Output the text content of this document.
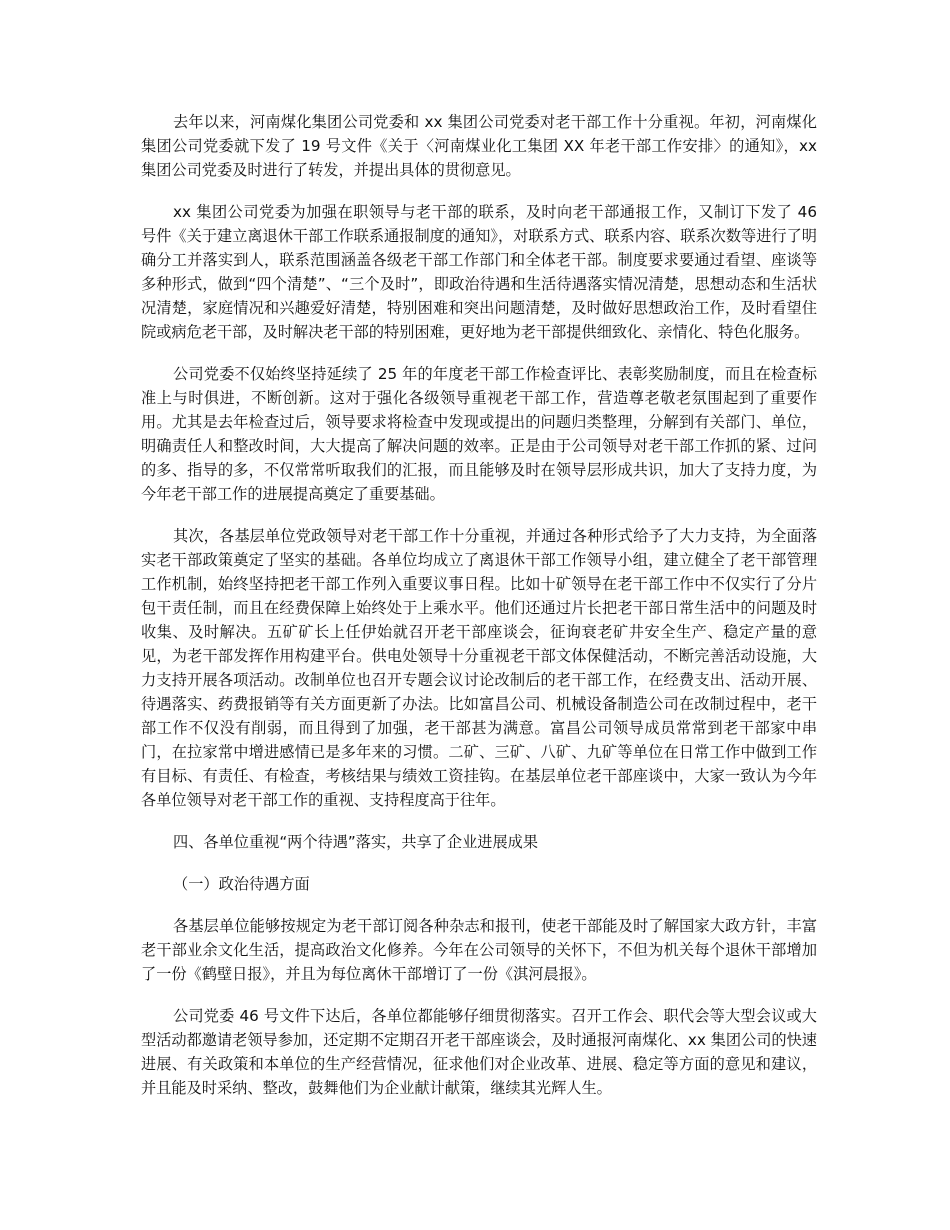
去年以来，河南煤化集团公司党委和 xx 集团公司党委对老干部工作十分重视。年初，河南煤化集团公司党委就下发了 19 号文件《关于〈河南煤业化工集团 XX 年老干部工作安排〉的通知》，xx 集团公司党委及时进行了转发，并提出具体的贯彻意见。

xx 集团公司党委为加强在职领导与老干部的联系，及时向老干部通报工作，又制订下发了 46 号件《关于建立离退休干部工作联系通报制度的通知》，对联系方式、联系内容、联系次数等进行了明确分工并落实到人，联系范围涵盖各级老干部工作部门和全体老干部。制度要求要通过看望、座谈等多种形式，做到“四个清楚”、“三个及时”，即政治待遇和生活待遇落实情况清楚，思想动态和生活状况清楚，家庭情况和兴趣爱好清楚，特别困难和突出问题清楚，及时做好思想政治工作，及时看望住院或病危老干部，及时解决老干部的特别困难，更好地为老干部提供细致化、亲情化、特色化服务。

公司党委不仅始终坚持延续了 25 年的年度老干部工作检查评比、表彰奖励制度，而且在检查标准上与时俱进，不断创新。这对于强化各级领导重视老干部工作，营造尊老敬老氛围起到了重要作用。尤其是去年检查过后，领导要求将检查中发现或提出的问题归类整理，分解到有关部门、单位，明确责任人和整改时间，大大提高了解决问题的效率。正是由于公司领导对老干部工作抓的紧、过问的多、指导的多，不仅常常听取我们的汇报，而且能够及时在领导层形成共识，加大了支持力度，为今年老干部工作的进展提高奠定了重要基础。

其次，各基层单位党政领导对老干部工作十分重视，并通过各种形式给予了大力支持，为全面落实老干部政策奠定了坚实的基础。各单位均成立了离退休干部工作领导小组，建立健全了老干部管理工作机制，始终坚持把老干部工作列入重要议事日程。比如十矿领导在老干部工作中不仅实行了分片包干责任制，而且在经费保障上始终处于上乘水平。他们还通过片长把老干部日常生活中的问题及时收集、及时解决。五矿矿长上任伊始就召开老干部座谈会，征询衰老矿井安全生产、稳定产量的意见，为老干部发挥作用构建平台。供电处领导十分重视老干部文体保健活动，不断完善活动设施，大力支持开展各项活动。改制单位也召开专题会议讨论改制后的老干部工作，在经费支出、活动开展、待遇落实、药费报销等有关方面更新了办法。比如富昌公司、机械设备制造公司在改制过程中，老干部工作不仅没有削弱，而且得到了加强，老干部甚为满意。富昌公司领导成员常常到老干部家中串门，在拉家常中增进感情已是多年来的习惯。二矿、三矿、八矿、九矿等单位在日常工作中做到工作有目标、有责任、有检查，考核结果与绩效工资挂钩。在基层单位老干部座谈中，大家一致认为今年各单位领导对老干部工作的重视、支持程度高于往年。

四、各单位重视“两个待遇”落实，共享了企业进展成果

（一）政治待遇方面

各基层单位能够按规定为老干部订阅各种杂志和报刊，使老干部能及时了解国家大政方针，丰富老干部业余文化生活，提高政治文化修养。今年在公司领导的关怀下，不但为机关每个退休干部增加了一份《鹤壁日报》，并且为每位离休干部增订了一份《淇河晨报》。

公司党委 46 号文件下达后，各单位都能够仔细贯彻落实。召开工作会、职代会等大型会议或大型活动都邀请老领导参加，还定期不定期召开老干部座谈会，及时通报河南煤化、xx 集团公司的快速进展、有关政策和本单位的生产经营情况，征求他们对企业改革、进展、稳定等方面的意见和建议，并且能及时采纳、整改，鼓舞他们为企业献计献策，继续其光辉人生。
